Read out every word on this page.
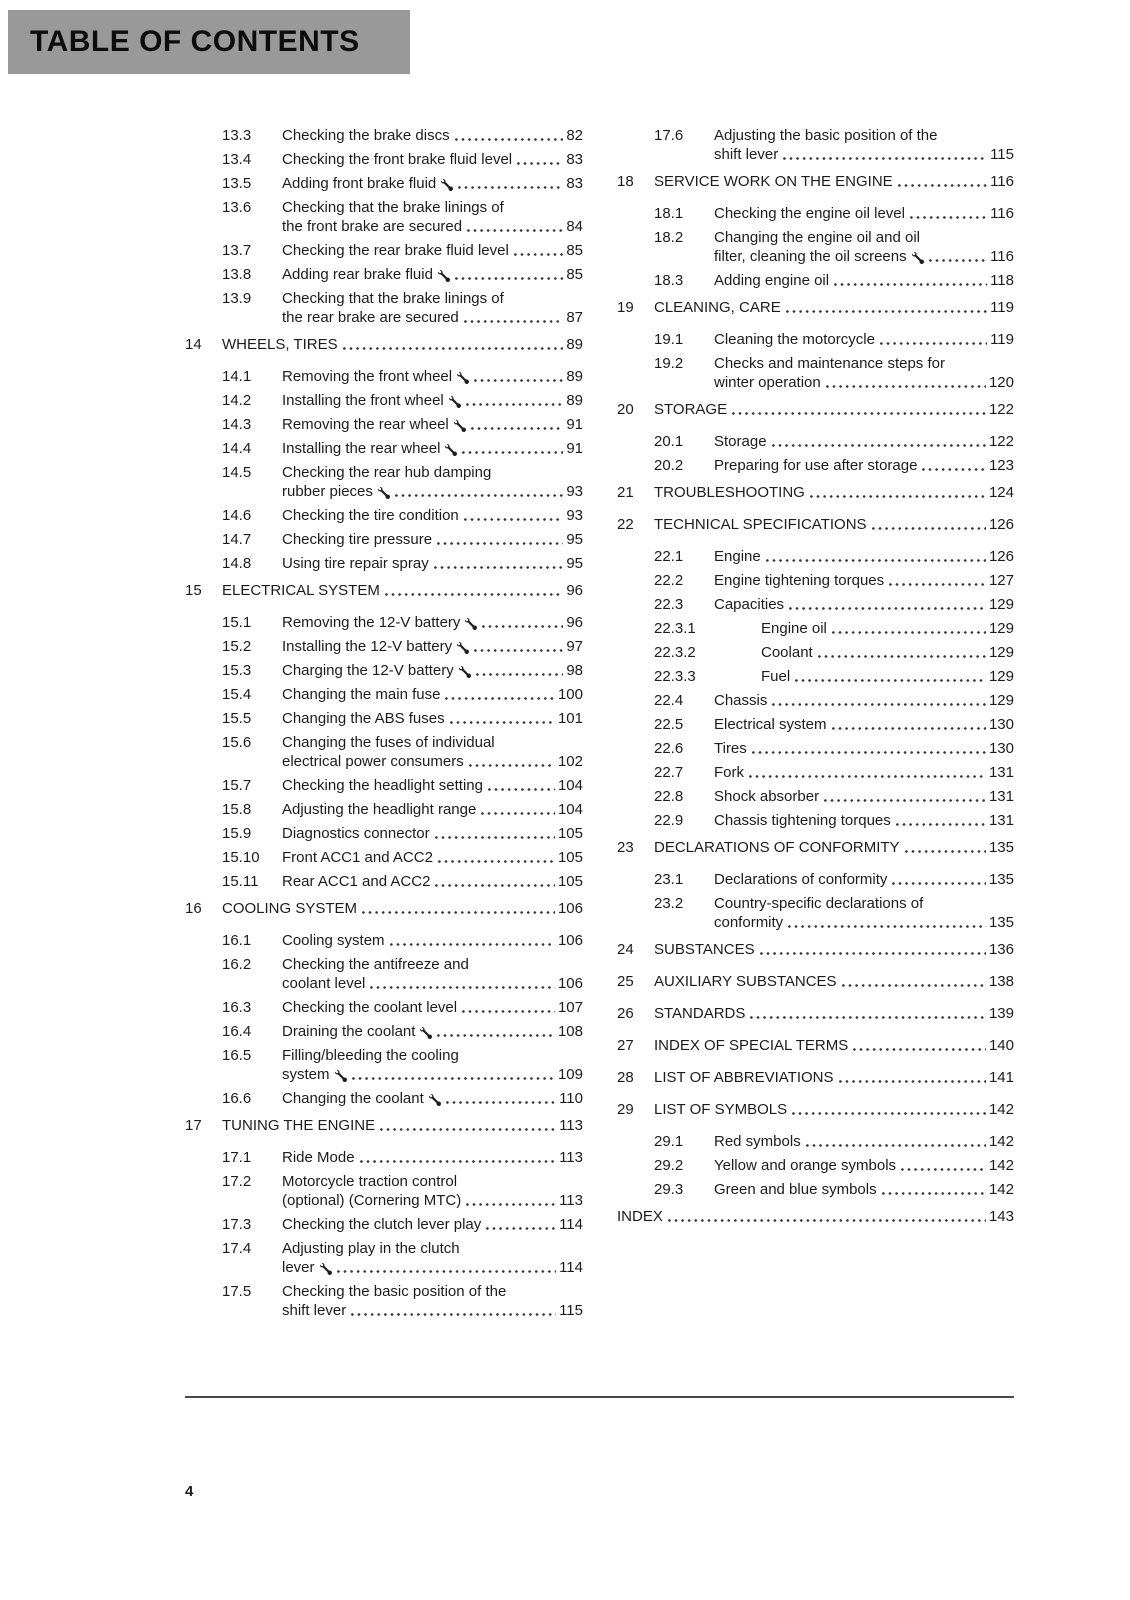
TABLE OF CONTENTS
13.3	Checking the brake discs	82
13.4	Checking the front brake fluid level	83
13.5	Adding front brake fluid	83
13.6	Checking that the brake linings of
the front brake are secured	84
13.7	Checking the rear brake fluid level	85
13.8	Adding rear brake fluid	85
13.9	Checking that the brake linings of
the rear brake are secured	87
14	WHEELS, TIRES	89
14.1	Removing the front wheel	89
14.2	Installing the front wheel	89
14.3	Removing the rear wheel	91
14.4	Installing the rear wheel	91
14.5	Checking the rear hub damping
rubber pieces	93
14.6	Checking the tire condition	93
14.7	Checking tire pressure	95
14.8	Using tire repair spray	95
15	ELECTRICAL SYSTEM	96
15.1	Removing the 12-V battery	96
15.2	Installing the 12-V battery	97
15.3	Charging the 12-V battery	98
15.4	Changing the main fuse	100
15.5	Changing the ABS fuses	101
15.6	Changing the fuses of individual
electrical power consumers	102
15.7	Checking the headlight setting	104
15.8	Adjusting the headlight range	104
15.9	Diagnostics connector	105
15.10	Front ACC1 and ACC2	105
15.11	Rear ACC1 and ACC2	105
16	COOLING SYSTEM	106
16.1	Cooling system	106
16.2	Checking the antifreeze and
coolant level	106
16.3	Checking the coolant level	107
16.4	Draining the coolant	108
16.5	Filling/bleeding the cooling
system	109
16.6	Changing the coolant	110
17	TUNING THE ENGINE	113
17.1	Ride Mode	113
17.2	Motorcycle traction control
(optional) (Cornering MTC)	113
17.3	Checking the clutch lever play	114
17.4	Adjusting play in the clutch
lever	114
17.5	Checking the basic position of the
shift lever	115
17.6	Adjusting the basic position of the
shift lever	115
18	SERVICE WORK ON THE ENGINE	116
18.1	Checking the engine oil level	116
18.2	Changing the engine oil and oil
filter, cleaning the oil screens	116
18.3	Adding engine oil	118
19	CLEANING, CARE	119
19.1	Cleaning the motorcycle	119
19.2	Checks and maintenance steps for
winter operation	120
20	STORAGE	122
20.1	Storage	122
20.2	Preparing for use after storage	123
21	TROUBLESHOOTING	124
22	TECHNICAL SPECIFICATIONS	126
22.1	Engine	126
22.2	Engine tightening torques	127
22.3	Capacities	129
22.3.1	Engine oil	129
22.3.2	Coolant	129
22.3.3	Fuel	129
22.4	Chassis	129
22.5	Electrical system	130
22.6	Tires	130
22.7	Fork	131
22.8	Shock absorber	131
22.9	Chassis tightening torques	131
23	DECLARATIONS OF CONFORMITY	135
23.1	Declarations of conformity	135
23.2	Country-specific declarations of
conformity	135
24	SUBSTANCES	136
25	AUXILIARY SUBSTANCES	138
26	STANDARDS	139
27	INDEX OF SPECIAL TERMS	140
28	LIST OF ABBREVIATIONS	141
29	LIST OF SYMBOLS	142
29.1	Red symbols	142
29.2	Yellow and orange symbols	142
29.3	Green and blue symbols	142
INDEX	143
4
